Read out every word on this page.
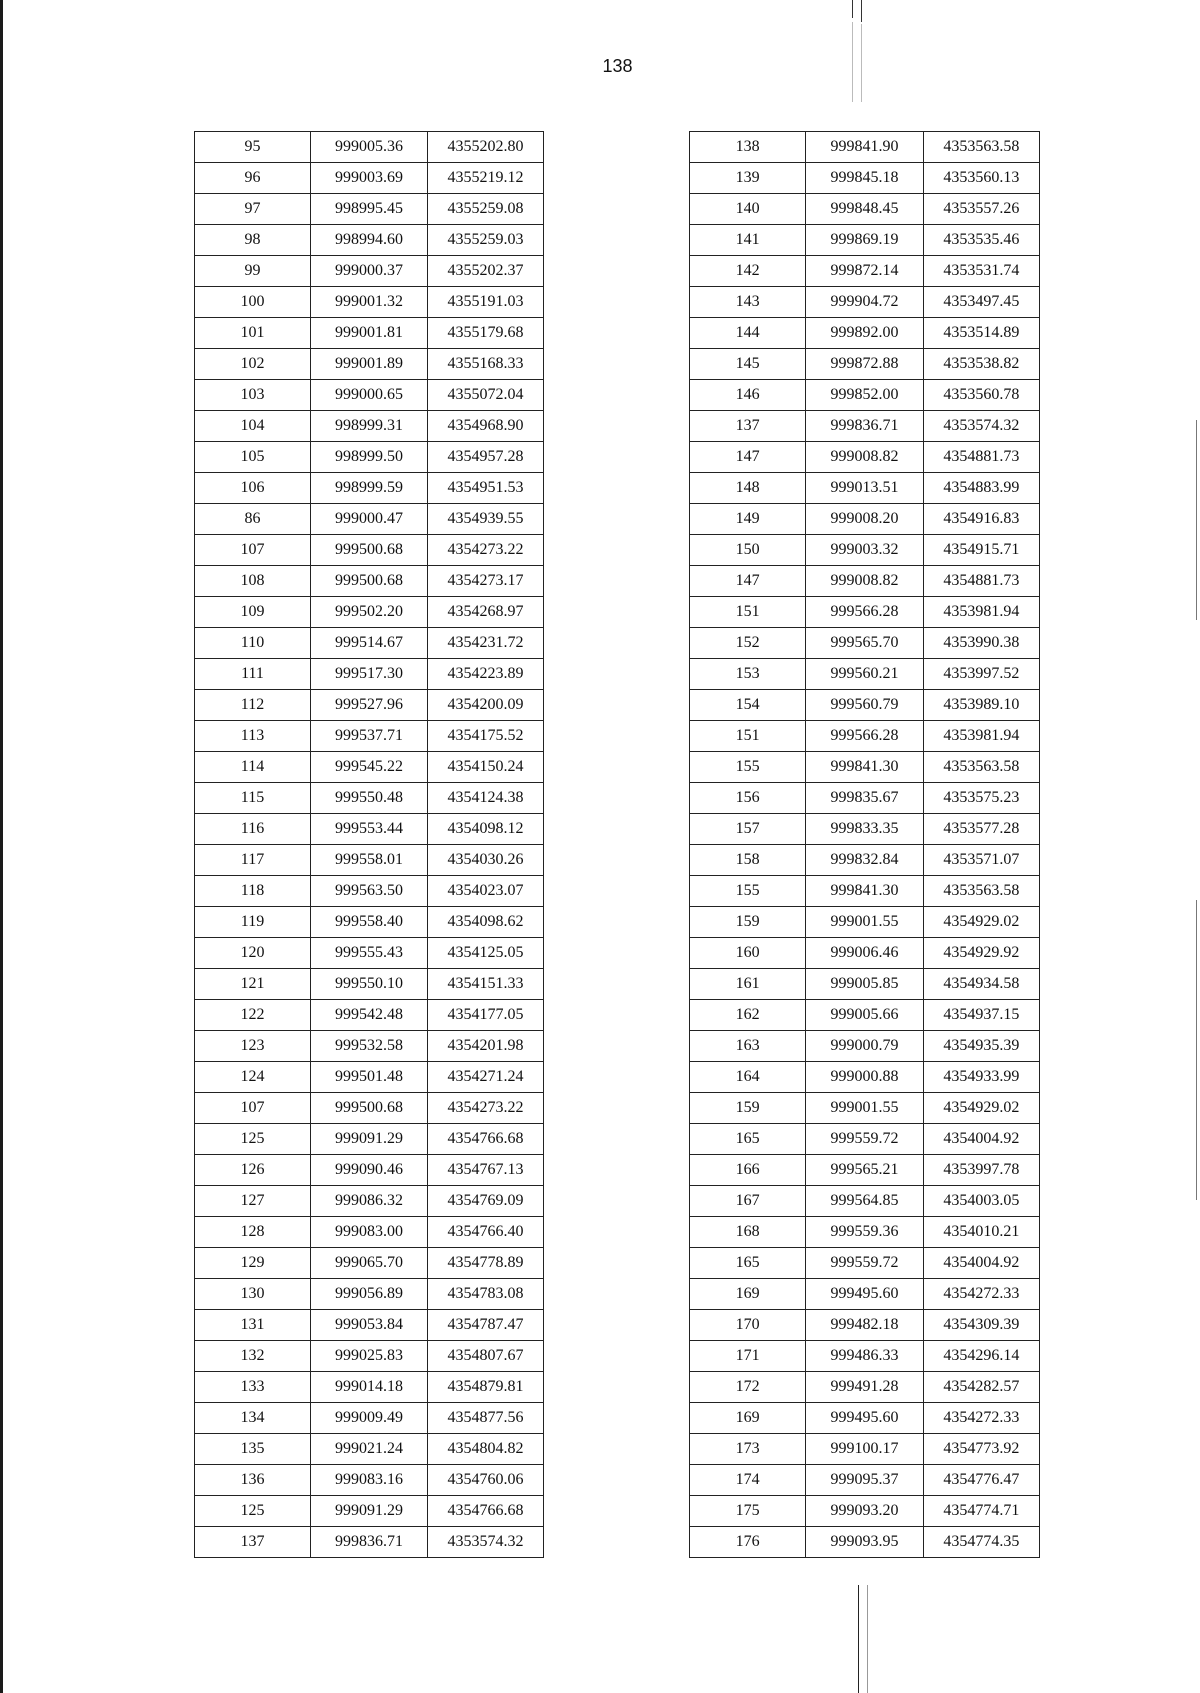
138
95	999005.36	4355202.80
96	999003.69	4355219.12
97	998995.45	4355259.08
98	998994.60	4355259.03
99	999000.37	4355202.37
100	999001.32	4355191.03
101	999001.81	4355179.68
102	999001.89	4355168.33
103	999000.65	4355072.04
104	998999.31	4354968.90
105	998999.50	4354957.28
106	998999.59	4354951.53
86	999000.47	4354939.55
107	999500.68	4354273.22
108	999500.68	4354273.17
109	999502.20	4354268.97
110	999514.67	4354231.72
111	999517.30	4354223.89
112	999527.96	4354200.09
113	999537.71	4354175.52
114	999545.22	4354150.24
115	999550.48	4354124.38
116	999553.44	4354098.12
117	999558.01	4354030.26
118	999563.50	4354023.07
119	999558.40	4354098.62
120	999555.43	4354125.05
121	999550.10	4354151.33
122	999542.48	4354177.05
123	999532.58	4354201.98
124	999501.48	4354271.24
107	999500.68	4354273.22
125	999091.29	4354766.68
126	999090.46	4354767.13
127	999086.32	4354769.09
128	999083.00	4354766.40
129	999065.70	4354778.89
130	999056.89	4354783.08
131	999053.84	4354787.47
132	999025.83	4354807.67
133	999014.18	4354879.81
134	999009.49	4354877.56
135	999021.24	4354804.82
136	999083.16	4354760.06
125	999091.29	4354766.68
137	999836.71	4353574.32
138	999841.90	4353563.58
139	999845.18	4353560.13
140	999848.45	4353557.26
141	999869.19	4353535.46
142	999872.14	4353531.74
143	999904.72	4353497.45
144	999892.00	4353514.89
145	999872.88	4353538.82
146	999852.00	4353560.78
137	999836.71	4353574.32
147	999008.82	4354881.73
148	999013.51	4354883.99
149	999008.20	4354916.83
150	999003.32	4354915.71
147	999008.82	4354881.73
151	999566.28	4353981.94
152	999565.70	4353990.38
153	999560.21	4353997.52
154	999560.79	4353989.10
151	999566.28	4353981.94
155	999841.30	4353563.58
156	999835.67	4353575.23
157	999833.35	4353577.28
158	999832.84	4353571.07
155	999841.30	4353563.58
159	999001.55	4354929.02
160	999006.46	4354929.92
161	999005.85	4354934.58
162	999005.66	4354937.15
163	999000.79	4354935.39
164	999000.88	4354933.99
159	999001.55	4354929.02
165	999559.72	4354004.92
166	999565.21	4353997.78
167	999564.85	4354003.05
168	999559.36	4354010.21
165	999559.72	4354004.92
169	999495.60	4354272.33
170	999482.18	4354309.39
171	999486.33	4354296.14
172	999491.28	4354282.57
169	999495.60	4354272.33
173	999100.17	4354773.92
174	999095.37	4354776.47
175	999093.20	4354774.71
176	999093.95	4354774.35
